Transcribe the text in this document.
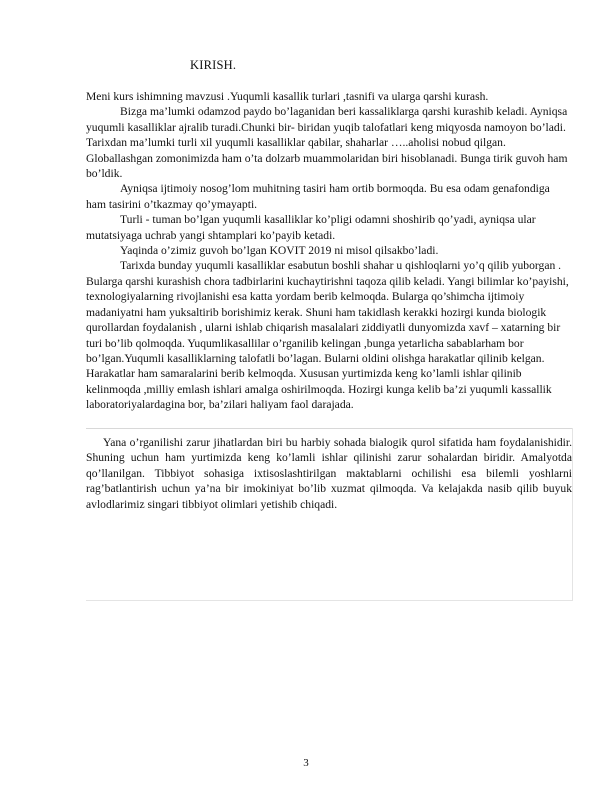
KIRISH.

Meni kurs ishimning mavzusi .Yuqumli kasallik turlari ,tasnifi va ularga qarshi kurash.

Bizga ma’lumki odamzod paydo bo’laganidan beri kassaliklarga qarshi kurashib keladi. Ayniqsa yuqumli kasalliklar ajralib turadi.Chunki bir- biridan yuqib talofatlari keng miqyosda namoyon bo’ladi. Tarixdan ma’lumki turli xil yuqumli kasalliklar qabilar, shaharlar …..aholisi nobud qilgan. Globallashgan zomonimizda ham o’ta dolzarb muammolaridan biri hisoblanadi. Bunga tirik guvoh ham bo’ldik.

Ayniqsa ijtimoiy nosog’lom muhitning tasiri ham ortib bormoqda. Bu esa odam genafondiga ham tasirini o’tkazmay qo’ymayapti.

Turli - tuman bo’lgan yuqumli kasalliklar ko’pligi odamni shoshirib qo’yadi, ayniqsa ular mutatsiyaga uchrab yangi shtamplari ko’payib ketadi.

Yaqinda o’zimiz guvoh bo’lgan KOVIT 2019 ni misol qilsakbo’ladi.

Tarixda bunday yuqumli kasalliklar esabutun boshli shahar u qishloqlarni yo’q qilib yuborgan . Bularga qarshi kurashish chora tadbirlarini kuchaytirishni taqoza qilib keladi. Yangi bilimlar ko’payishi, texnologiyalarning rivojlanishi esa katta yordam berib kelmoqda. Bularga qo’shimcha ijtimoiy madaniyatni ham yuksaltirib borishimiz kerak. Shuni ham takidlash kerakki hozirgi kunda biologik qurollardan foydalanish , ularni ishlab chiqarish masalalari ziddiyatli dunyomizda xavf – xatarning bir turi bo’lib qolmoqda. Yuqumlikasallilar o’rganilib kelingan ,bunga yetarlicha sabablarham bor bo’lgan.Yuqumli kasalliklarning talofatli bo’lagan. Bularni oldini olishga harakatlar qilinib kelgan. Harakatlar ham samaralarini berib kelmoqda. Xususan yurtimizda keng ko’lamli ishlar qilinib kelinmoqda ,milliy emlash ishlari amalga oshirilmoqda. Hozirgi kunga kelib ba’zi yuqumli kassallik laboratoriyalardagina bor, ba’zilari haliyam faol darajada.

Yana o’rganilishi zarur jihatlardan biri bu harbiy sohada bialogik qurol sifatida ham foydalanishidir. Shuning uchun ham yurtimizda keng ko’lamli ishlar qilinishi zarur sohalardan biridir. Amalyotda qo’llanilgan. Tibbiyot sohasiga ixtisoslashtirilgan maktablarni ochilishi esa bilemli yoshlarni rag’batlantirish uchun ya’na bir imokiniyat bo’lib xuzmat qilmoqda. Va kelajakda nasib qilib buyuk avlodlarimiz singari tibbiyot olimlari yetishib chiqadi.

3
